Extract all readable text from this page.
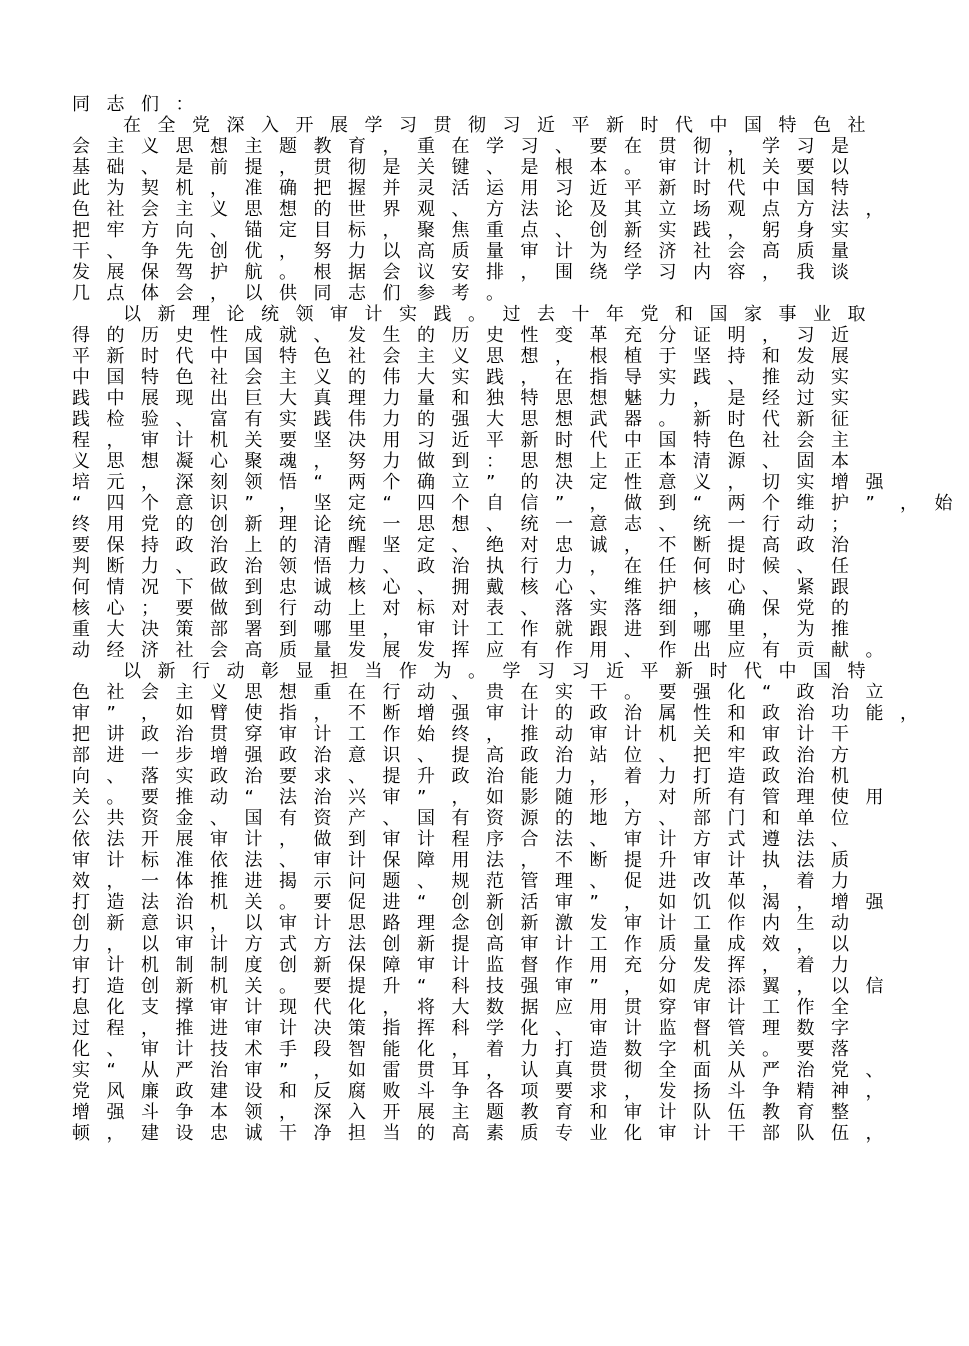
同 志 们 ：
在 全 党 深 入 开 展 学 习 贯 彻 习 近 平 新 时 代 中 国 特 色 社
会 主 义 思 想 主 题 教 育 ， 重 在 学 习 、 要 在 贯 彻 ， 学 习 是
基 础 、 是 前 提 ， 贯 彻 是 关 键 、 是 根 本 。 审 计 机 关 要 以
此 为 契 机 ， 准 确 把 握 并 灵 活 运 用 习 近 平 新 时 代 中 国 特
色 社 会 主 义 思 想 的 世 界 观 、 方 法 论 及 其 立 场 观 点 方 法 ，
把 牢 方 向 、 锚 定 目 标 ， 聚 焦 重 点 、 创 新 实 践 ， 躬 身 实
干 、 争 先 创 优 ， 努 力 以 高 质 量 审 计 为 经 济 社 会 高 质 量
发 展 保 驾 护 航 。 根 据 会 议 安 排 ， 围 绕 学 习 内 容 ， 我 谈
几 点 体 会 ， 以 供 同 志 们 参 考 。
以 新 理 论 统 领 审 计 实 践 。 过 去 十 年 党 和 国 家 事 业 取
得 的 历 史 性 成 就 、 发 生 的 历 史 性 变 革 充 分 证 明 ， 习 近
平 新 时 代 中 国 特 色 社 会 主 义 思 想 ， 根 植 于 坚 持 和 发 展
中 国 特 色 社 会 主 义 的 伟 大 实 践 ， 在 指 导 实 践 、 推 动 实
践 中 展 现 出 巨 大 真 理 力 量 和 独 特 思 想 魅 力 ， 是 经 过 实
践 检 验 、 富 有 实 践 伟 力 的 强 大 思 想 武 器 。 新 时 代 新 征
程 ， 审 计 机 关 要 坚 决 用 习 近 平 新 时 代 中 国 特 色 社 会 主
义 思 想 凝 心 聚 魂 ， 努 力 做 到 ： 思 想 上 正 本 清 源 、 固 本
培 元 ， 深 刻 领 悟 “ 两 个 确 立 ” 的 决 定 性 意 义 ， 切 实 增 强
“ 四 个 意 识 ” ， 坚 定 “ 四 个 自 信 ” ， 做 到 “ 两 个 维 护 ” ， 始
终 用 党 的 创 新 理 论 统 一 思 想 、 统 一 意 志 、 统 一 行 动 ；
要 保 持 政 治 上 的 清 醒 坚 定 、 绝 对 忠 诚 ， 不 断 提 高 政 治
判 断 力 、 政 治 领 悟 力 、 政 治 执 行 力 ， 在 任 何 时 候 、 任
何 情 况 下 做 到 忠 诚 核 心 、 拥 戴 核 心 、 维 护 核 心 、 紧 跟
核 心 ； 要 做 到 行 动 上 对 标 对 表 、 落 实 落 细 ， 确 保 党 的
重 大 决 策 部 署 到 哪 里 ， 审 计 工 作 就 跟 进 到 哪 里 ， 为 推
动 经 济 社 会 高 质 量 发 展 发 挥 应 有 作 用 、 作 出 应 有 贡 献 。
以 新 行 动 彰 显 担 当 作 为 。 学 习 习 近 平 新 时 代 中 国 特
色 社 会 主 义 思 想 重 在 行 动 、 贵 在 实 干 。 要 强 化 “ 政 治 立
审 ” ， 如 臂 使 指 ， 不 断 增 强 审 计 的 政 治 属 性 和 政 治 功 能 ，
把 讲 政 治 贯 穿 审 计 工 作 始 终 ， 推 动 审 计 机 关 和 审 计 干
部 进 一 步 增 强 政 治 意 识 、 提 高 政 治 站 位 、 把 牢 政 治 方
向 、 落 实 政 治 要 求 、 提 升 政 治 能 力 ， 着 力 打 造 政 治 机
关 。 要 推 动 “ 法 治 兴 审 ” ， 如 影 随 形 ， 对 所 有 管 理 使 用
公 共 资 金 、 国 有 资 产 、 国 有 资 源 的 地 方 、 部 门 和 单 位
依 法 开 展 审 计 ， 做 到 审 计 程 序 合 法 、 审 计 方 式 遵 法 、
审 计 标 准 依 法 、 审 计 保 障 用 法 ， 不 断 提 升 审 计 执 法 质
效 ， 一 体 推 进 揭 示 问 题 、 规 范 管 理 、 促 进 改 革 ， 着 力
打 造 法 治 机 关 。 要 促 进 “ 创 新 活 审 ” ， 如 饥 似 渴 ， 增 强
创 新 意 识 ， 以 审 计 思 路 理 念 创 新 激 发 审 计 工 作 内 生 动
力 ， 以 审 计 方 式 方 法 创 新 提 高 审 计 工 作 质 量 成 效 ， 以
审 计 机 制 制 度 创 新 保 障 审 计 监 督 作 用 充 分 发 挥 ， 着 力
打 造 创 新 机 关 。 要 提 升 “ 科 技 强 审 ” ， 如 虎 添 翼 ， 以 信
息 化 支 撑 审 计 现 代 化 ， 将 大 数 据 应 用 贯 穿 审 计 工 作 全
过 程 ， 推 进 审 计 决 策 指 挥 科 学 化 、 审 计 监 督 管 理 数 字
化 、 审 计 技 术 手 段 智 能 化 ， 着 力 打 造 数 字 机 关 。 要 落
实 “ 从 严 治 审 ” ， 如 雷 贯 耳 ， 认 真 贯 彻 全 面 从 严 治 党 、
党 风 廉 政 建 设 和 反 腐 败 斗 争 各 项 要 求 ， 发 扬 斗 争 精 神 ，
增 强 斗 争 本 领 ， 深 入 开 展 主 题 教 育 和 审 计 队 伍 教 育 整
顿 ， 建 设 忠 诚 干 净 担 当 的 高 素 质 专 业 化 审 计 干 部 队 伍 ，
